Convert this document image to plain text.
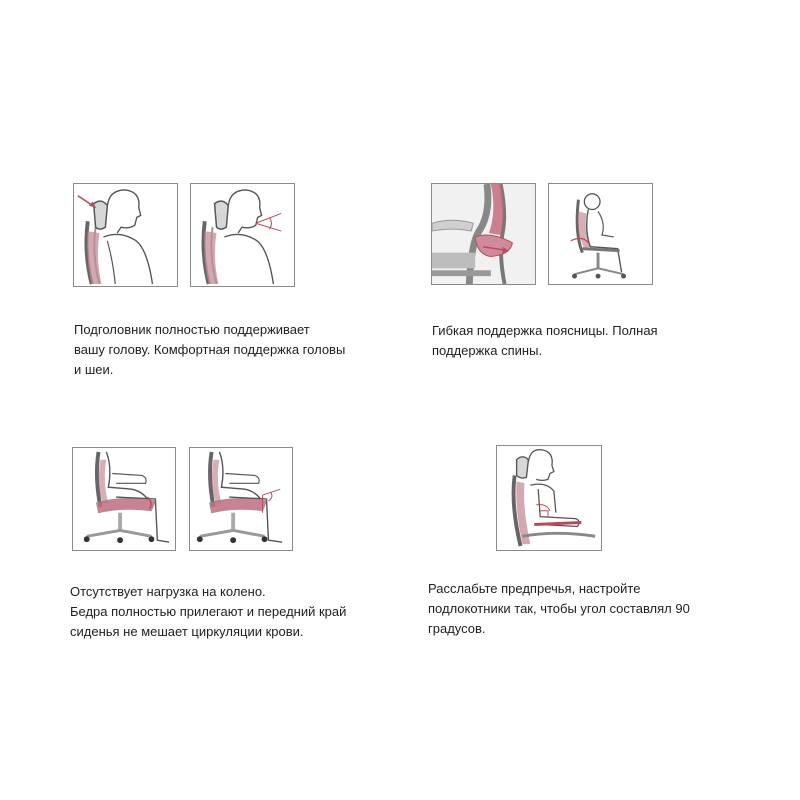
Подголовник полностью поддерживает
вашу голову. Комфортная поддержка головы
и шеи.
Гибкая поддержка поясницы. Полная
поддержка спины.
Отсутствует нагрузка на колено.
Бедра полностью прилегают и передний край
сиденья не мешает циркуляции крови.
Расслабьте предпречья, настройте
подлокотники так, чтобы угол составлял 90
градусов.
